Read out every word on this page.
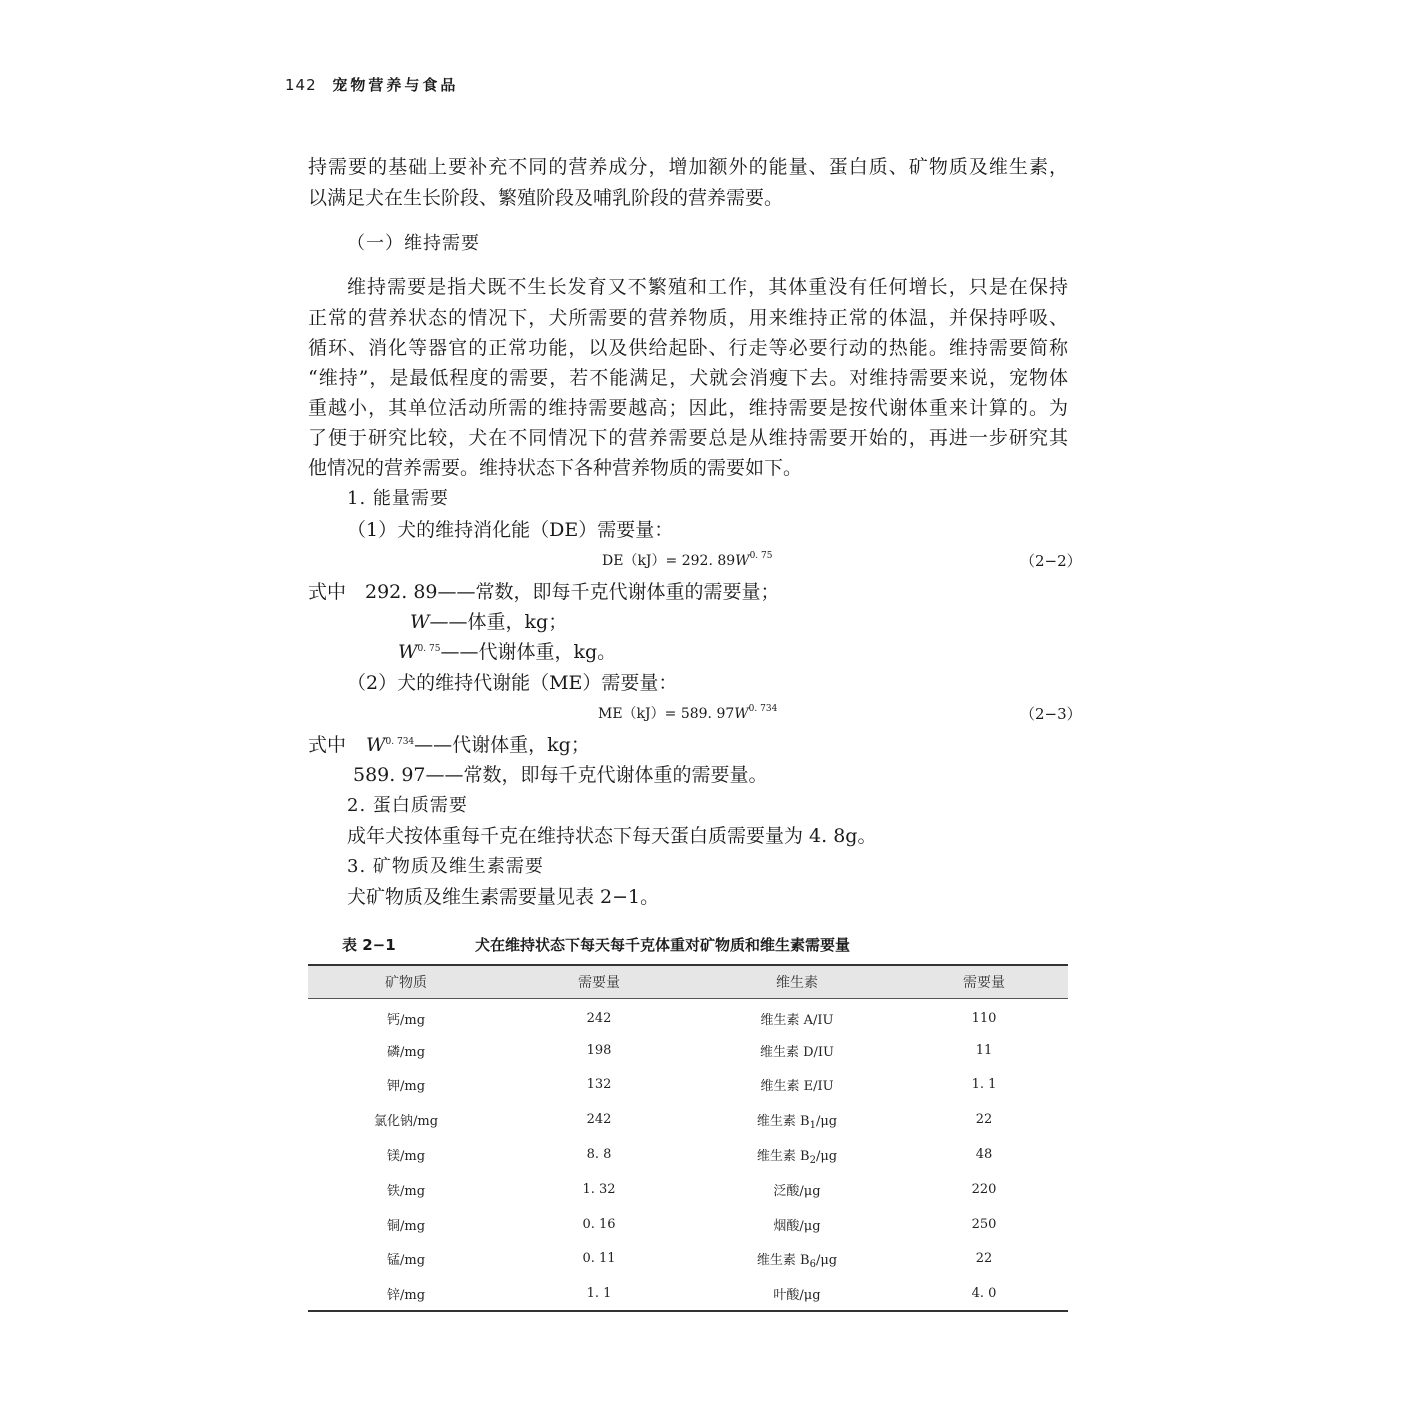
142 宠物营养与食品
持需要的基础上要补充不同的营养成分，增加额外的能量、蛋白质、矿物质及维生素，
以满足犬在生长阶段、繁殖阶段及哺乳阶段的营养需要。
（一）维持需要
维持需要是指犬既不生长发育又不繁殖和工作，其体重没有任何增长，只是在保持
正常的营养状态的情况下，犬所需要的营养物质，用来维持正常的体温，并保持呼吸、
循环、消化等器官的正常功能，以及供给起卧、行走等必要行动的热能。维持需要简称
“维持”，是最低程度的需要，若不能满足，犬就会消瘦下去。对维持需要来说，宠物体
重越小，其单位活动所需的维持需要越高；因此，维持需要是按代谢体重来计算的。为
了便于研究比较，犬在不同情况下的营养需要总是从维持需要开始的，再进一步研究其
他情况的营养需要。维持状态下各种营养物质的需要如下。
1. 能量需要
（1）犬的维持消化能（DE）需要量：
DE（kJ）= 292. $89W^{0. 75}$	（2−2）
式中 292. 89——常数，即每千克代谢体重的需要量；
W——体重，kg；
$W^{0. 75}——$代谢体重，kg。
（2）犬的维持代谢能（ME）需要量：
ME（kJ）= 589. $97W^{0. 734}$	（2−3）
式中 $W^{0. 734}——$代谢体重，kg；
589. 97——常数，即每千克代谢体重的需要量。
2. 蛋白质需要
成年犬按体重每千克在维持状态下每天蛋白质需要量为 4. 8g。
3. 矿物质及维生素需要
犬矿物质及维生素需要量见表 2−1。
表 2−1	犬在维持状态下每天每千克体重对矿物质和维生素需要量
矿物质	需要量	维生素	需要量
钙/mg	242	维生素 A/IU	110
磷/mg	198	维生素 D/IU	11
钾/mg	132	维生素 E/IU	1. 1
氯化钠/mg	242	维生素 $B_1/\mu g$	22
镁/mg	8. 8	维生素 $B_2/\mu g$	48
铁/mg	1. 32	泛酸/μg	220
铜/mg	0. 16	烟酸/μg	250
锰/mg	0. 11	维生素 $B_6/\mu g$	22
锌/mg	1. 1	叶酸/μg	4. 0
